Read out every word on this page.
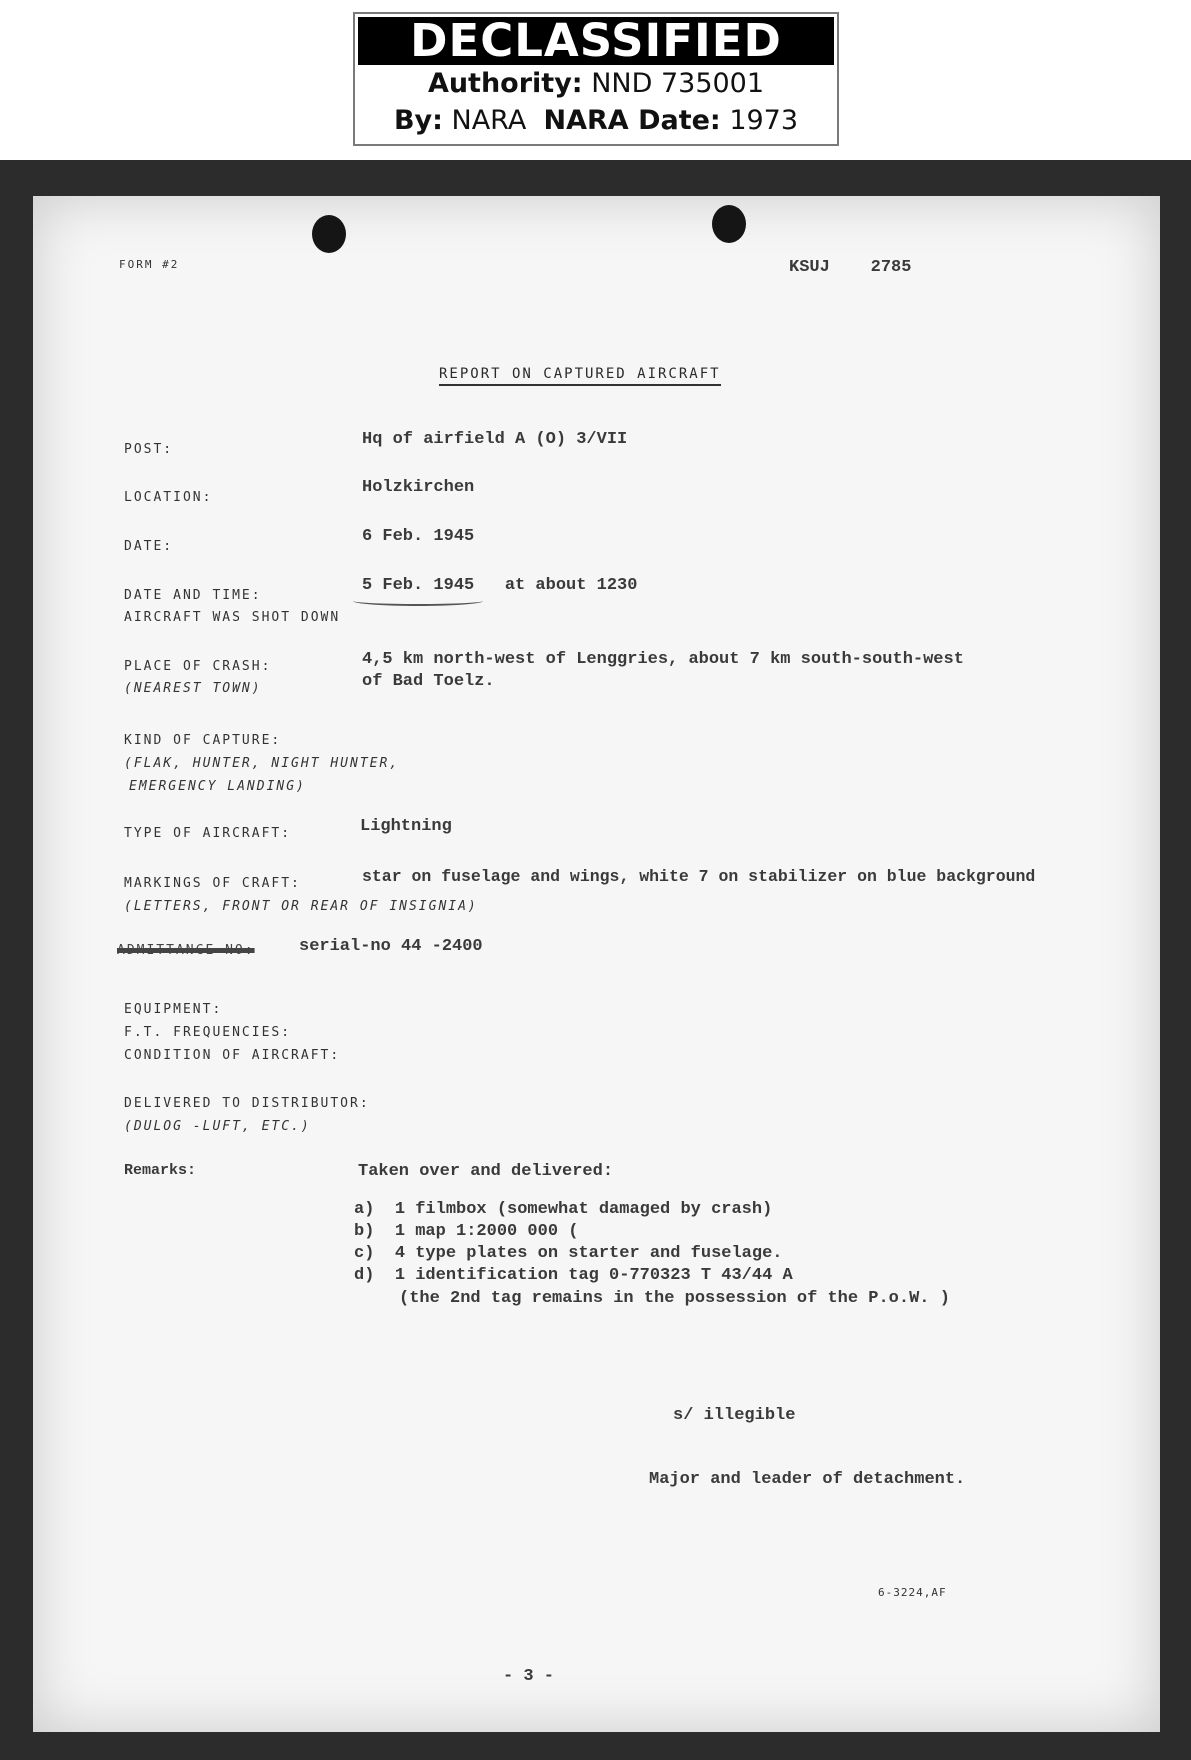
DECLASSIFIED
Authority: NND 735001
By: NARA NARA Date: 1973
FORM #2	KSUJ 2785
REPORT ON CAPTURED AIRCRAFT
POST:
Hq of airfield A (O) 3/VII
LOCATION:
Holzkirchen
DATE:
6 Feb. 1945
DATE AND TIME:
AIRCRAFT WAS SHOT DOWN
5 Feb. 1945 at about 1230
PLACE OF CRASH:
(NEAREST TOWN)
4,5 km north-west of Lenggries, about 7 km south-south-west
of Bad Toelz.
KIND OF CAPTURE:
(FLAK, HUNTER, NIGHT HUNTER,
EMERGENCY LANDING)
TYPE OF AIRCRAFT:	Lightning
MARKINGS OF CRAFT:
(LETTERS, FRONT OR REAR OF INSIGNIA)
star on fuselage and wings, white 7 on stabilizer on blue background
ADMITTANCE NO:	serial-no 44 -2400
EQUIPMENT:
F.T. FREQUENCIES:
CONDITION OF AIRCRAFT:
DELIVERED TO DISTRIBUTOR:
(DULOG -LUFT, ETC.)
Remarks:	Taken over and delivered:
a) 1 filmbox (somewhat damaged by crash)
b) 1 map 1:2000 000 (
c) 4 type plates on starter and fuselage.
d) 1 identification tag 0-770323 T 43/44 A
(the 2nd tag remains in the possession of the P.o.W. )
s/ illegible
Major and leader of detachment.
6-3224,AF
- 3 -
